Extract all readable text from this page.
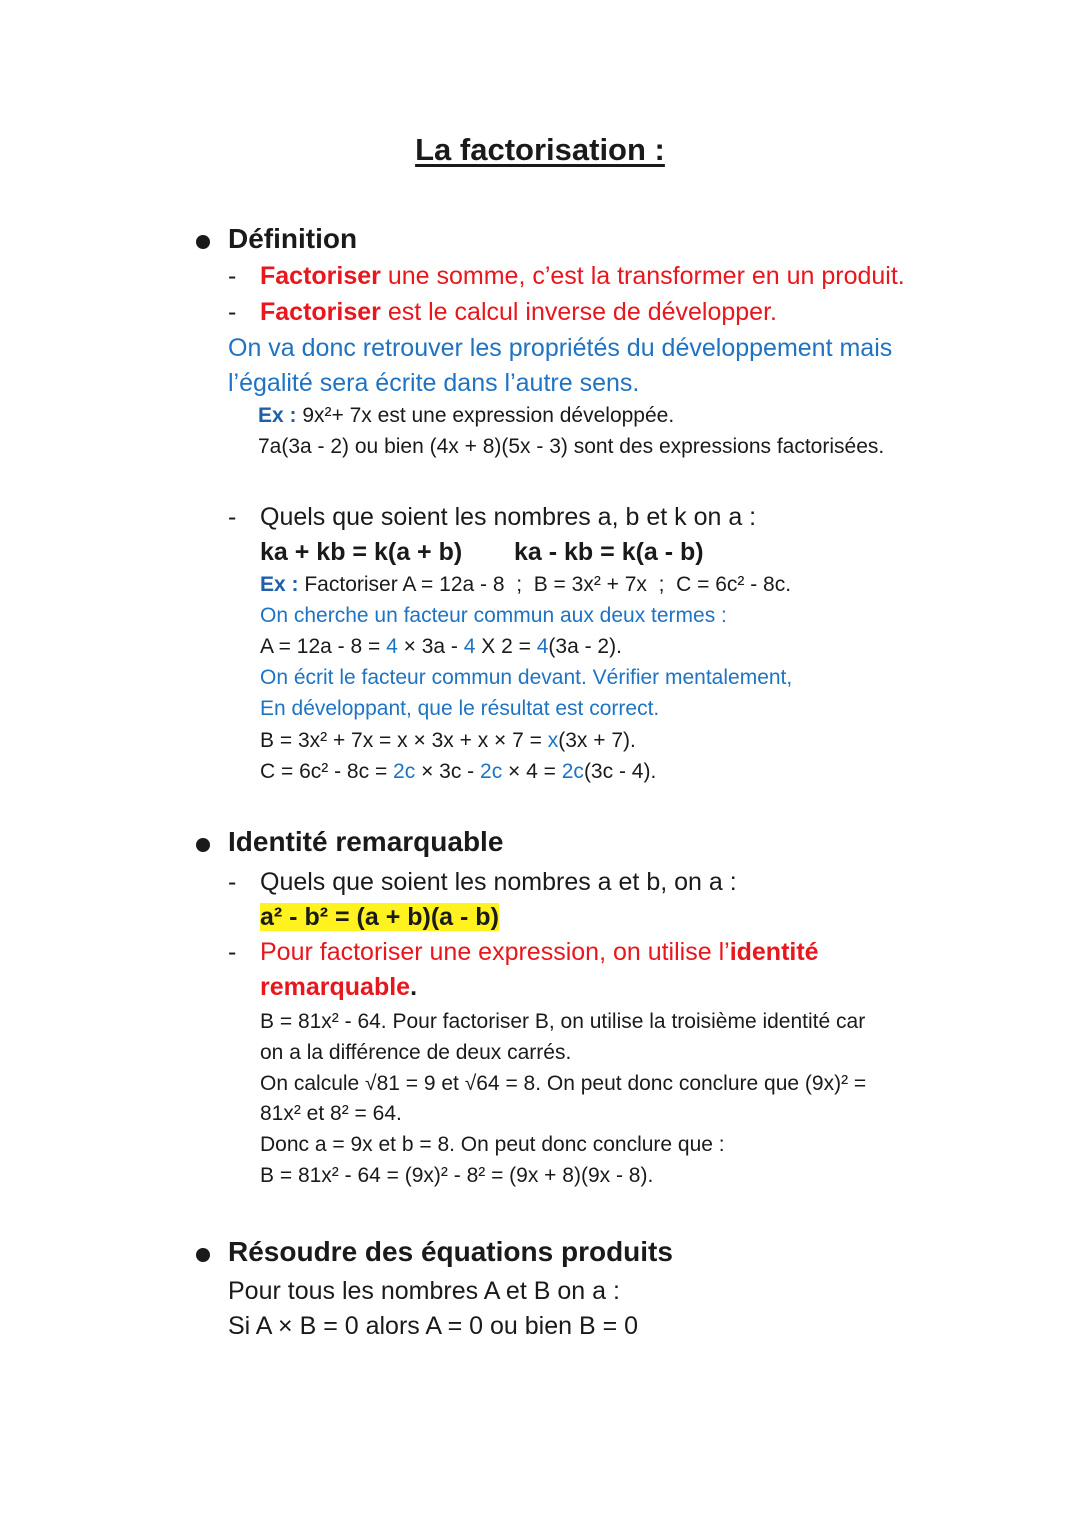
La factorisation :
Définition
- Factoriser une somme, c’est la transformer en un produit.
- Factoriser est le calcul inverse de développer.
On va donc retrouver les propriétés du développement mais
l’égalité sera écrite dans l’autre sens.
Ex : 9x²+ 7x est une expression développée.
7a(3a - 2) ou bien (4x + 8)(5x - 3) sont des expressions factorisées.
- Quels que soient les nombres a, b et k on a :
ka + kb = k(a + b) ka - kb = k(a - b)
Ex : Factoriser A = 12a - 8  ;  B = 3x² + 7x  ;  C = 6c² - 8c.
On cherche un facteur commun aux deux termes :
A = 12a - 8 = 4 × 3a - 4 X 2 = 4(3a - 2).
On écrit le facteur commun devant. Vérifier mentalement,
En développant, que le résultat est correct.
B = 3x² + 7x = x × 3x + x × 7 = x(3x + 7).
C = 6c² - 8c = 2c × 3c - 2c × 4 = 2c(3c - 4).
Identité remarquable
- Quels que soient les nombres a et b, on a :
a² - b² = (a + b)(a - b)
- Pour factoriser une expression, on utilise l’identité
remarquable.
B = 81x² - 64. Pour factoriser B, on utilise la troisième identité car
on a la différence de deux carrés.
On calcule √81 = 9 et √64 = 8. On peut donc conclure que (9x)² =
81x² et 8² = 64.
Donc a = 9x et b = 8. On peut donc conclure que :
B = 81x² - 64 = (9x)² - 8² = (9x + 8)(9x - 8).
Résoudre des équations produits
Pour tous les nombres A et B on a :
Si A × B = 0 alors A = 0 ou bien B = 0
